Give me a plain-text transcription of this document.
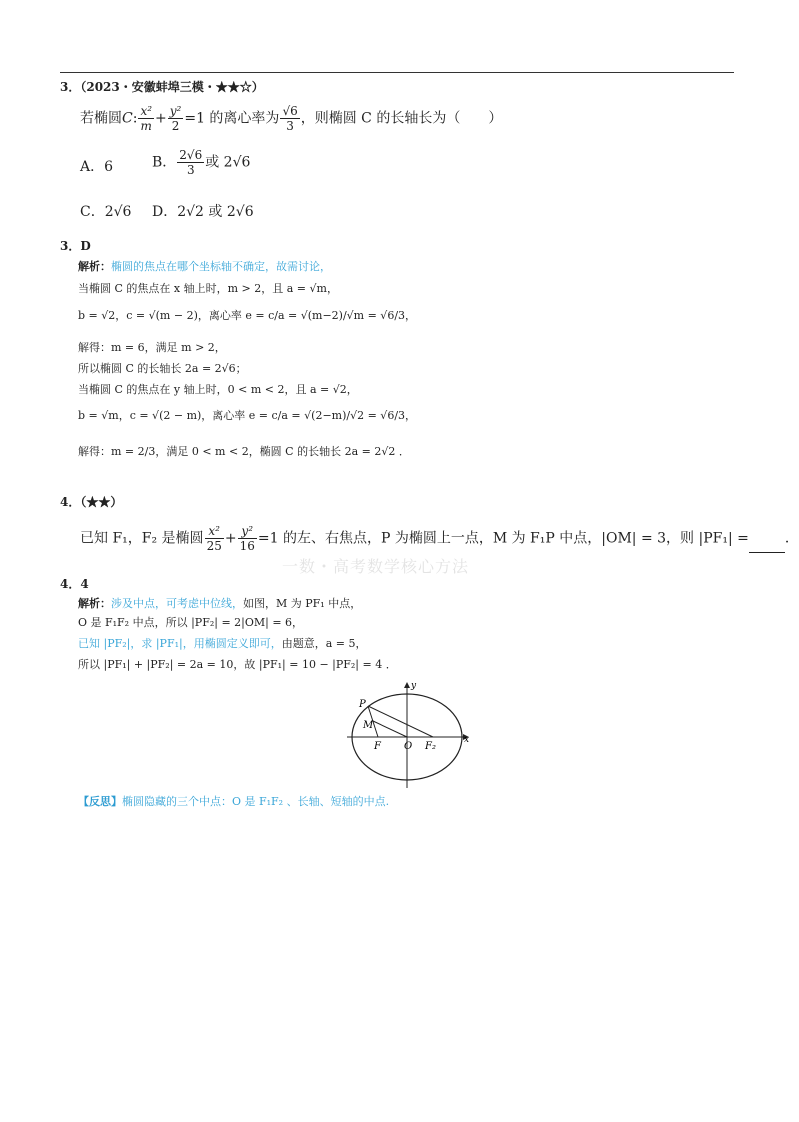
3．（2023・安徽蚌埠三模・★★☆）
若椭圆C: $\frac{\text{x²}}{m} + \frac{\text{y²}}{2} =1$ 的离心率为 $\frac{√6}{3}$ ，则椭圆 C 的长轴长为（　　）
A．6	B． $\frac{2√6}{3}$ 或 2√6
C．2√6 D．2√2 或 2√6
3．D
解析：椭圆的焦点在哪个坐标轴不确定，故需讨论，
当椭圆 C 的焦点在 x 轴上时，m > 2，且 a = √m，
b = √2，c = √(m − 2)，离心率 e = c/a = √(m−2)/√m = √6/3，
解得：m = 6，满足 m > 2，
所以椭圆 C 的长轴长 2a = 2√6；
当椭圆 C 的焦点在 y 轴上时，0 < m < 2，且 a = √2，
b = √m，c = √(2 − m)，离心率 e = c/a = √(2−m)/√2 = √6/3，
解得：m = 2/3，满足 0 < m < 2，椭圆 C 的长轴长 2a = 2√2 ．
4．（★★）
已知 F₁，F₂ 是椭圆 $\frac{\text{x²}}{25} + \frac{\text{y²}}{16} =1$ 的左、右焦点，P 为椭圆上一点，M 为 F₁P 中点，|OM| = 3，则 |PF₁| =	．
一数・高考数学核心方法
4．4
解析：涉及中点，可考虑中位线，如图，M 为 PF₁ 中点，
O 是 F₁F₂ 中点，所以 |PF₂| = 2|OM| = 6，
已知 |PF₂|，求 |PF₁|，用椭圆定义即可，由题意，a = 5，
所以 |PF₁| + |PF₂| = 2a = 10，故 |PF₁| = 10 − |PF₂| = 4 ．
P
M
F O F₂
x
y
【反思】椭圆隐藏的三个中点：O 是 F₁F₂ 、长轴、短轴的中点.
